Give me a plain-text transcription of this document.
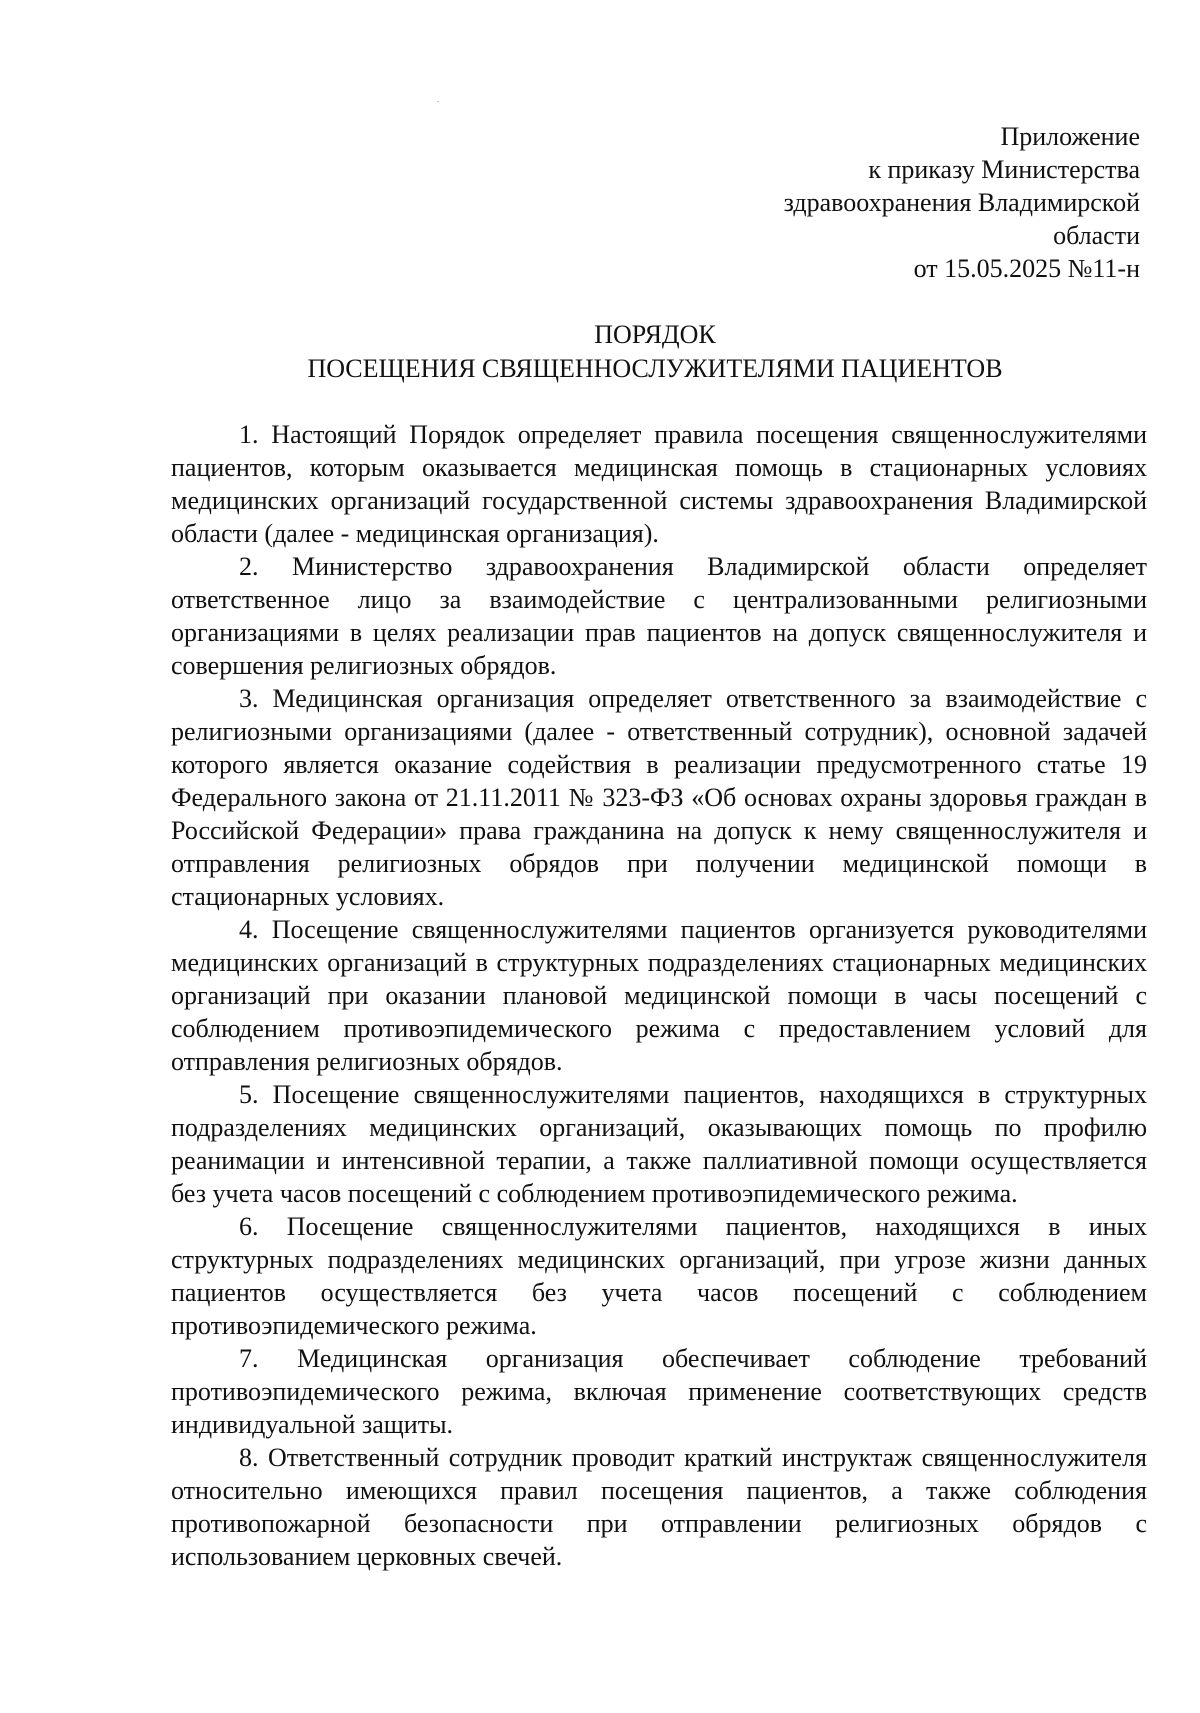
Приложение
к приказу Министерства
здравоохранения Владимирской
области
от 15.05.2025 №11-н
ПОРЯДОК
ПОСЕЩЕНИЯ СВЯЩЕННОСЛУЖИТЕЛЯМИ ПАЦИЕНТОВ

1. Настоящий Порядок определяет правила посещения священнослужителями пациентов, которым оказывается медицинская помощь в стационарных условиях медицинских организаций государственной системы здравоохранения Владимирской области (далее - медицинская организация).

2. Министерство здравоохранения Владимирской области определяет ответственное лицо за взаимодействие с централизованными религиозными организациями в целях реализации прав пациентов на допуск священнослужителя и совершения религиозных обрядов.

3. Медицинская организация определяет ответственного за взаимодействие с религиозными организациями (далее - ответственный сотрудник), основной задачей которого является оказание содействия в реализации предусмотренного статье 19 Федерального закона от 21.11.2011 № 323-ФЗ «Об основах охраны здоровья граждан в Российской Федерации» права гражданина на допуск к нему священнослужителя и отправления религиозных обрядов при получении медицинской помощи в стационарных условиях.

4. Посещение священнослужителями пациентов организуется руководителями медицинских организаций в структурных подразделениях стационарных медицинских организаций при оказании плановой медицинской помощи в часы посещений с соблюдением противоэпидемического режима с предоставлением условий для отправления религиозных обрядов.

5. Посещение священнослужителями пациентов, находящихся в структурных подразделениях медицинских организаций, оказывающих помощь по профилю реанимации и интенсивной терапии, а также паллиативной помощи осуществляется без учета часов посещений с соблюдением противоэпидемического режима.

6. Посещение священнослужителями пациентов, находящихся в иных структурных подразделениях медицинских организаций, при угрозе жизни данных пациентов осуществляется без учета часов посещений с соблюдением противоэпидемического режима.

7. Медицинская организация обеспечивает соблюдение требований противоэпидемического режима, включая применение соответствующих средств индивидуальной защиты.

8. Ответственный сотрудник проводит краткий инструктаж священнослужителя относительно имеющихся правил посещения пациентов, а также соблюдения противопожарной безопасности при отправлении религиозных обрядов с использованием церковных свечей.
